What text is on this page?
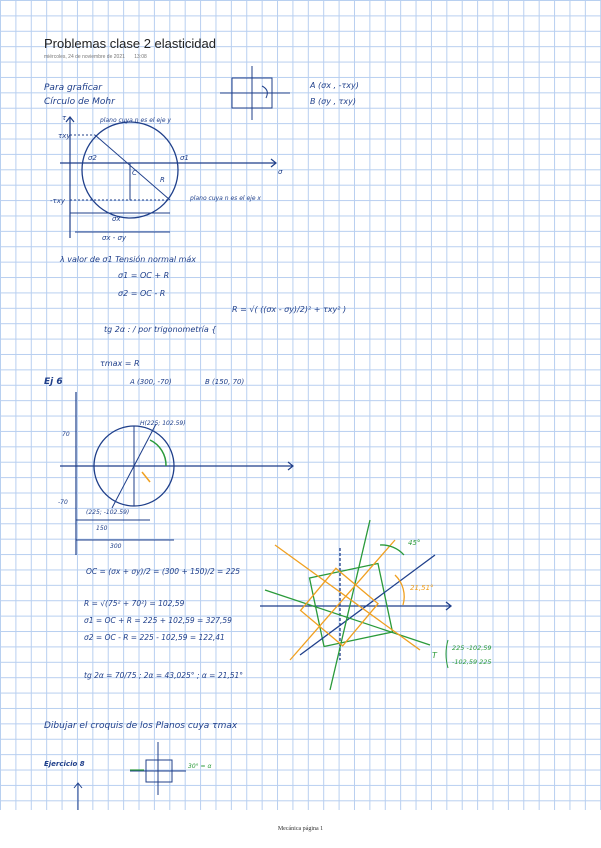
Problemas clase 2 elasticidad
miércoles, 24 de noviembre de 2021 13:08
Para graficar
Círculo de Mohr
A (σx , -τxy)
B (σy , τxy)
τxy
-τxy
τ
σ
σ1
σ2
C
R
σx
σx - σy
plano cuya n es el eje y
plano cuya n es el eje x
λ valor de σ1 Tensión normal máx
σ1 = OC + R
σ2 = OC - R
R = √( ((σx - σy)/2)² + τxy² )
tg 2α : / por trigonometría {
τmax = R
Ej 6	A (300, -70)	B (150, 70)
70
-70
H(225; 102.59)
(225; -102.59)
150
300
OC = (σx + σy)/2 = (300 + 150)/2 = 225
R = √(75² + 70²) = 102,59
σ1 = OC + R = 225 + 102,59 = 327,59
σ2 = OC - R = 225 - 102,59 = 122,41
tg 2α = 70/75 ; 2α = 43,025° ; α = 21,51°
45°
21,51°
T
225 -102,59
-102,59 225
Dibujar el croquis de los Planos cuya τmax
Ejercicio 8	30° = α
Mecánica página 1
